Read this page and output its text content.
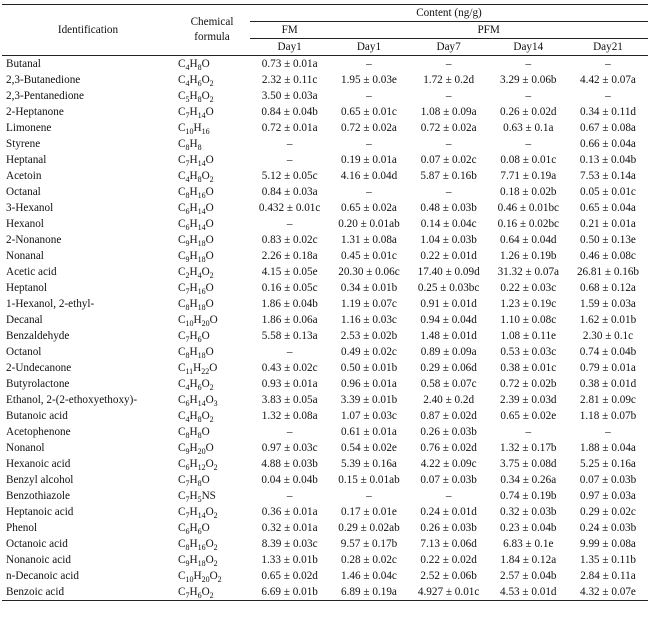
Identification	Chemical
formula	Content (ng/g)				
		FM	PFM			
		Day1	Day1	Day7	Day14	Day21
Butanal	$C_4H_8O$	0.73 ± 0.01a	–	–	–	–
2,3-Butanedione	$C_4H_6O_2$	2.32 ± 0.11c	1.95 ± 0.03e	1.72 ± 0.2d	3.29 ± 0.06b	4.42 ± 0.07a
2,3-Pentanedione	$C_5H_8O_2$	3.50 ± 0.03a	–	–	–	–
2-Heptanone	$C_7H_{14}O$	0.84 ± 0.04b	0.65 ± 0.01c	1.08 ± 0.09a	0.26 ± 0.02d	0.34 ± 0.11d
Limonene	$C_{10}H_{16}$	0.72 ± 0.01a	0.72 ± 0.02a	0.72 ± 0.02a	0.63 ± 0.1a	0.67 ± 0.08a
Styrene	$C_8H_8$	–	–	–	–	0.66 ± 0.04a
Heptanal	$C_7H_{14}O$	–	0.19 ± 0.01a	0.07 ± 0.02c	0.08 ± 0.01c	0.13 ± 0.04b
Acetoin	$C_4H_8O_2$	5.12 ± 0.05c	4.16 ± 0.04d	5.87 ± 0.16b	7.71 ± 0.19a	7.53 ± 0.14a
Octanal	$C_8H_{16}O$	0.84 ± 0.03a	–	–	0.18 ± 0.02b	0.05 ± 0.01c
3-Hexanol	$C_6H_{14}O$	0.432 ± 0.01c	0.65 ± 0.02a	0.48 ± 0.03b	0.46 ± 0.01bc	0.65 ± 0.04a
Hexanol	$C_6H_{14}O$	–	0.20 ± 0.01ab	0.14 ± 0.04c	0.16 ± 0.02bc	0.21 ± 0.01a
2-Nonanone	$C_9H_{18}O$	0.83 ± 0.02c	1.31 ± 0.08a	1.04 ± 0.03b	0.64 ± 0.04d	0.50 ± 0.13e
Nonanal	$C_9H_{18}O$	2.26 ± 0.18a	0.45 ± 0.01c	0.22 ± 0.01d	1.26 ± 0.19b	0.46 ± 0.08c
Acetic acid	$C_2H_4O_2$	4.15 ± 0.05e	20.30 ± 0.06c	17.40 ± 0.09d	31.32 ± 0.07a	26.81 ± 0.16b
Heptanol	$C_7H_{16}O$	0.16 ± 0.05c	0.34 ± 0.01b	0.25 ± 0.03bc	0.22 ± 0.03c	0.68 ± 0.12a
1-Hexanol, 2-ethyl-	$C_8H_{18}O$	1.86 ± 0.04b	1.19 ± 0.07c	0.91 ± 0.01d	1.23 ± 0.19c	1.59 ± 0.03a
Decanal	$C_{10}H_{20}O$	1.86 ± 0.06a	1.16 ± 0.03c	0.94 ± 0.04d	1.10 ± 0.08c	1.62 ± 0.01b
Benzaldehyde	$C_7H_6O$	5.58 ± 0.13a	2.53 ± 0.02b	1.48 ± 0.01d	1.08 ± 0.11e	2.30 ± 0.1c
Octanol	$C_8H_{18}O$	–	0.49 ± 0.02c	0.89 ± 0.09a	0.53 ± 0.03c	0.74 ± 0.04b
2-Undecanone	$C_{11}H_{22}O$	0.43 ± 0.02c	0.50 ± 0.01b	0.29 ± 0.06d	0.38 ± 0.01c	0.79 ± 0.01a
Butyrolactone	$C_4H_6O_2$	0.93 ± 0.01a	0.96 ± 0.01a	0.58 ± 0.07c	0.72 ± 0.02b	0.38 ± 0.01d
Ethanol, 2-(2-ethoxyethoxy)-	$C_6H_{14}O_3$	3.83 ± 0.05a	3.39 ± 0.01b	2.40 ± 0.2d	2.39 ± 0.03d	2.81 ± 0.09c
Butanoic acid	$C_4H_8O_2$	1.32 ± 0.08a	1.07 ± 0.03c	0.87 ± 0.02d	0.65 ± 0.02e	1.18 ± 0.07b
Acetophenone	$C_8H_8O$	–	0.61 ± 0.01a	0.26 ± 0.03b	–	–
Nonanol	$C_9H_{20}O$	0.97 ± 0.03c	0.54 ± 0.02e	0.76 ± 0.02d	1.32 ± 0.17b	1.88 ± 0.04a
Hexanoic acid	$C_6H_{12}O_2$	4.88 ± 0.03b	5.39 ± 0.16a	4.22 ± 0.09c	3.75 ± 0.08d	5.25 ± 0.16a
Benzyl alcohol	$C_7H_8O$	0.04 ± 0.04b	0.15 ± 0.01ab	0.07 ± 0.03b	0.34 ± 0.26a	0.07 ± 0.03b
Benzothiazole	$C_7H_5NS$	–	–	–	0.74 ± 0.19b	0.97 ± 0.03a
Heptanoic acid	$C_7H_{14}O_2$	0.36 ± 0.01a	0.17 ± 0.01e	0.24 ± 0.01d	0.32 ± 0.03b	0.29 ± 0.02c
Phenol	$C_6H_6O$	0.32 ± 0.01a	0.29 ± 0.02ab	0.26 ± 0.03b	0.23 ± 0.04b	0.24 ± 0.03b
Octanoic acid	$C_8H_{16}O_2$	8.39 ± 0.03c	9.57 ± 0.17b	7.13 ± 0.06d	6.83 ± 0.1e	9.99 ± 0.08a
Nonanoic acid	$C_9H_{18}O_2$	1.33 ± 0.01b	0.28 ± 0.02c	0.22 ± 0.02d	1.84 ± 0.12a	1.35 ± 0.11b
n-Decanoic acid	$C_{10}H_{20}O_2$	0.65 ± 0.02d	1.46 ± 0.04c	2.52 ± 0.06b	2.57 ± 0.04b	2.84 ± 0.11a
Benzoic acid	$C_7H_6O_2$	6.69 ± 0.01b	6.89 ± 0.19a	4.927 ± 0.01c	4.53 ± 0.01d	4.32 ± 0.07e
